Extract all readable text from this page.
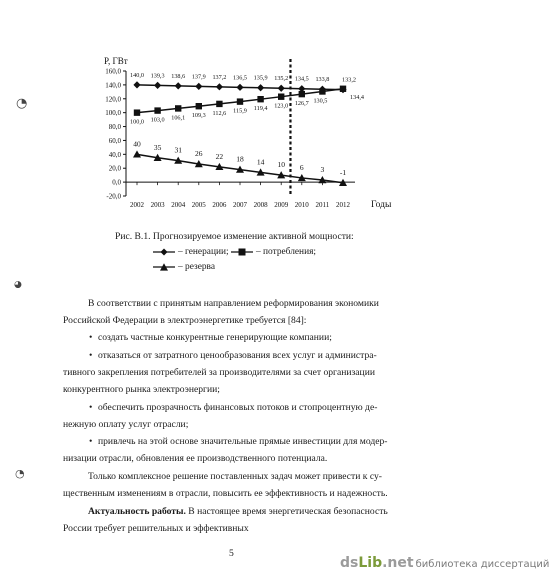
◔
◕
◔
160,0
140,0
120,0
100,0
80,0
60,0
40,0
20,0
0,0
-20,0
2002 2003 2004 2005 2006 2007 2008 2009 2010 2011 2012
P, ГВт
Годы
140,0 139,3 138,6 137,9 137,2 136,5 135,9 135,2 134,5 133,8 133,2
100,0 103,0 106,1 109,3 112,6 115,9 119,4 123,0 126,7 130,5
134,4
40 35 31 26 22 18 14 10 6 3 -1
Рис. В.1. Прогнозируемое изменение активной мощности:
– генерации;	– потребления;
– резерва
В соответствии с принятым направлением реформирования экономики
Российской Федерации в электроэнергетике требуется [84]:
• создать частные конкурентные генерирующие компании;
• отказаться от затратного ценообразования всех услуг и администра-
тивного закрепления потребителей за производителями за счет организации
конкурентного рынка электроэнергии;
• обеспечить прозрачность финансовых потоков и стопроцентную де-
нежную оплату услуг отрасли;
• привлечь на этой основе значительные прямые инвестиции для модер-
низации отрасли, обновления ее производственного потенциала.
Только комплексное решение поставленных задач может привести к су-
щественным изменениям в отрасли, повысить ее эффективность и надежность.
Актуальность работы. В настоящее время энергетическая безопасность
России требует решительных и эффективных
5
dsLib.net библиотека диссертаций
